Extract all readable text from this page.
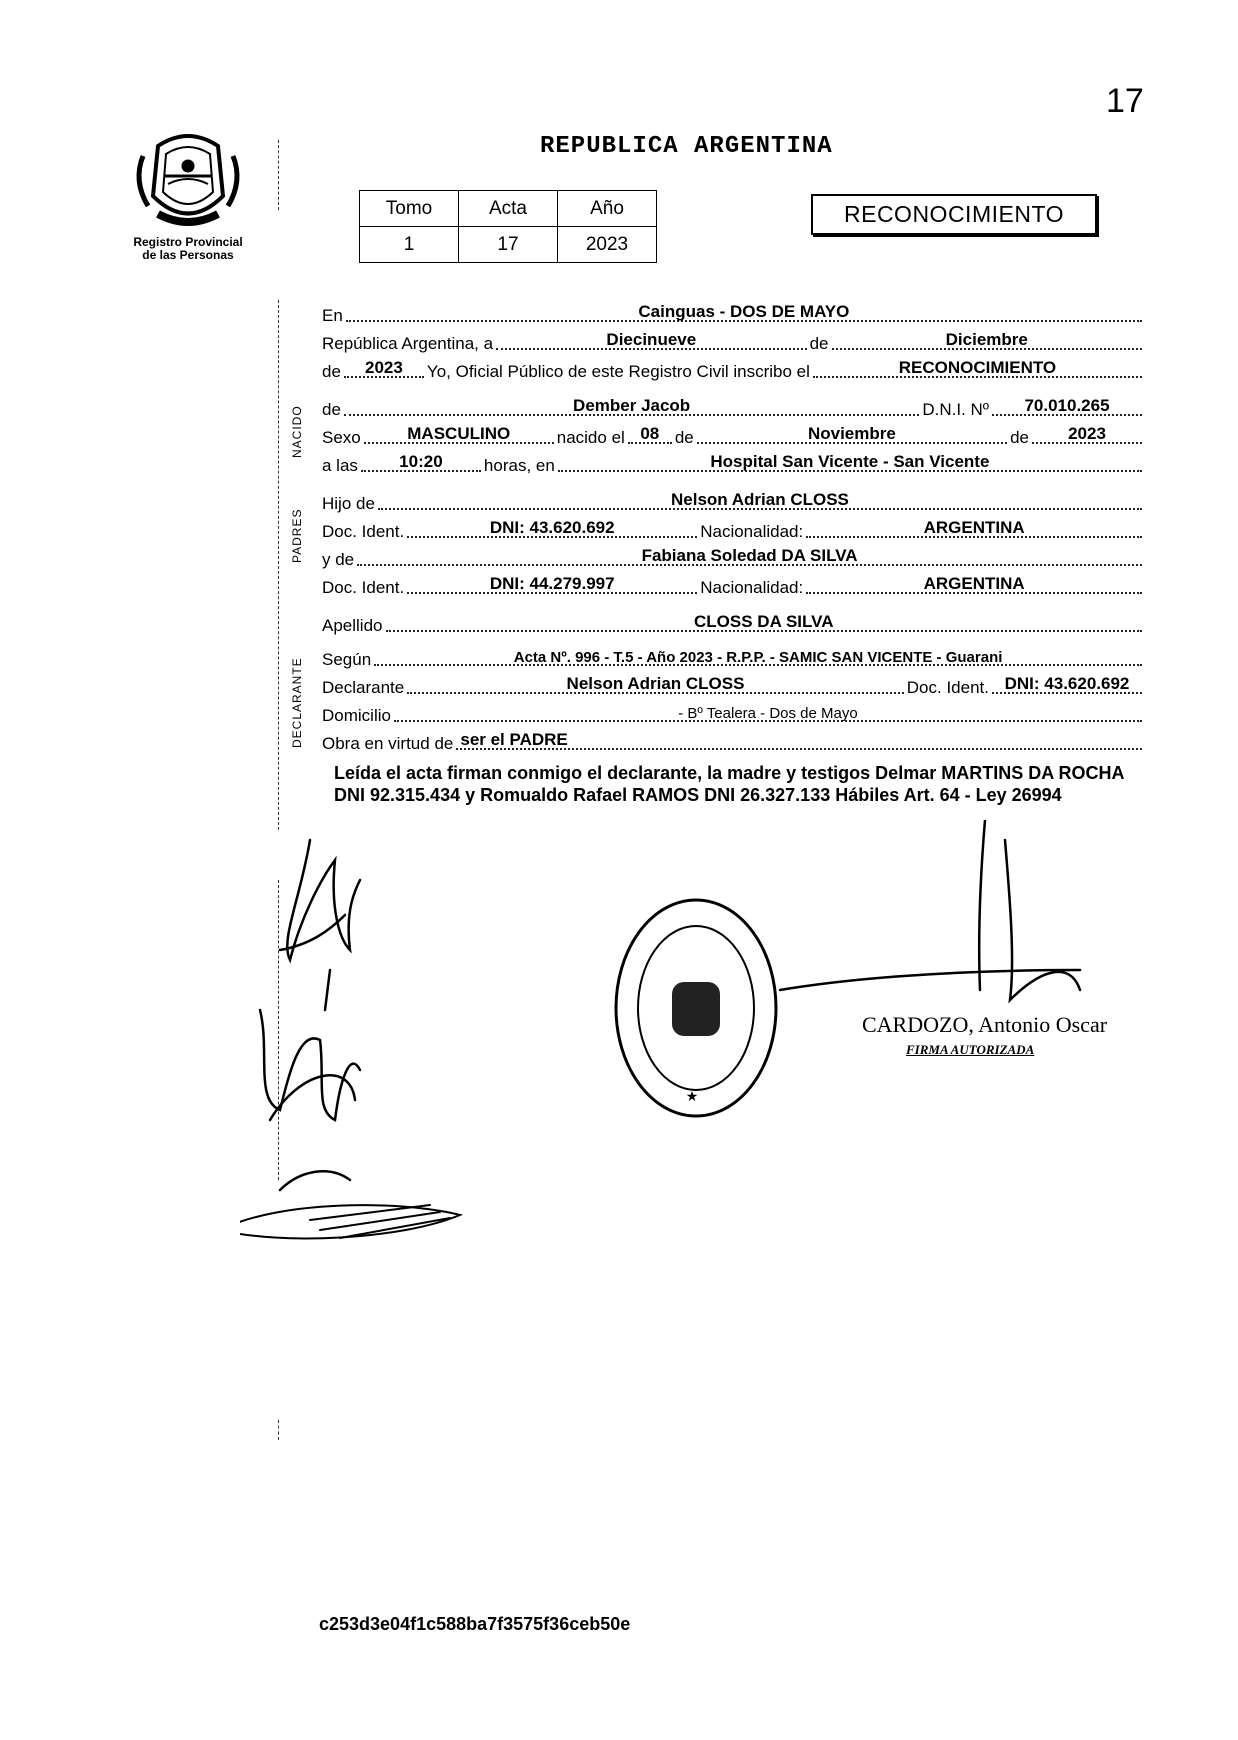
17
REPUBLICA ARGENTINA
Registro Provincial
de las Personas
Tomo	Acta	Año
1	17	2023
RECONOCIMIENTO
NACIDO
PADRES
DECLARANTE
En	Cainguas - DOS DE MAYO
República Argentina, a	Diecinueve	de	Diciembre
de 2023 Yo, Oficial Público de este Registro Civil inscribo el	RECONOCIMIENTO
de	Dember Jacob	D.N.I. Nº 70.010.265
Sexo	MASCULINO	nacido el 08 de	Noviembre	de 2023
a las 10:20 horas, en	Hospital San Vicente - San Vicente
Hijo de	Nelson Adrian CLOSS
Doc. Ident.	DNI: 43.620.692	Nacionalidad:	ARGENTINA
y de	Fabiana Soledad DA SILVA
Doc. Ident.	DNI: 44.279.997	Nacionalidad:	ARGENTINA
Apellido	CLOSS DA SILVA
Según	Acta Nº. 996 - T.5 - Año 2023 - R.P.P. - SAMIC SAN VICENTE - Guarani
Declarante	Nelson Adrian CLOSS	Doc. Ident. DNI: 43.620.692
Domicilio	- Bº Tealera - Dos de Mayo
Obra en virtud de ser el PADRE
Leída el acta firman conmigo el declarante, la madre y testigos Delmar MARTINS DA ROCHA DNI 92.315.434 y Romualdo Rafael RAMOS DNI 26.327.133 Hábiles Art. 64 - Ley 26994
★
CARDOZO, Antonio Oscar
FIRMA AUTORIZADA
c253d3e04f1c588ba7f3575f36ceb50e
